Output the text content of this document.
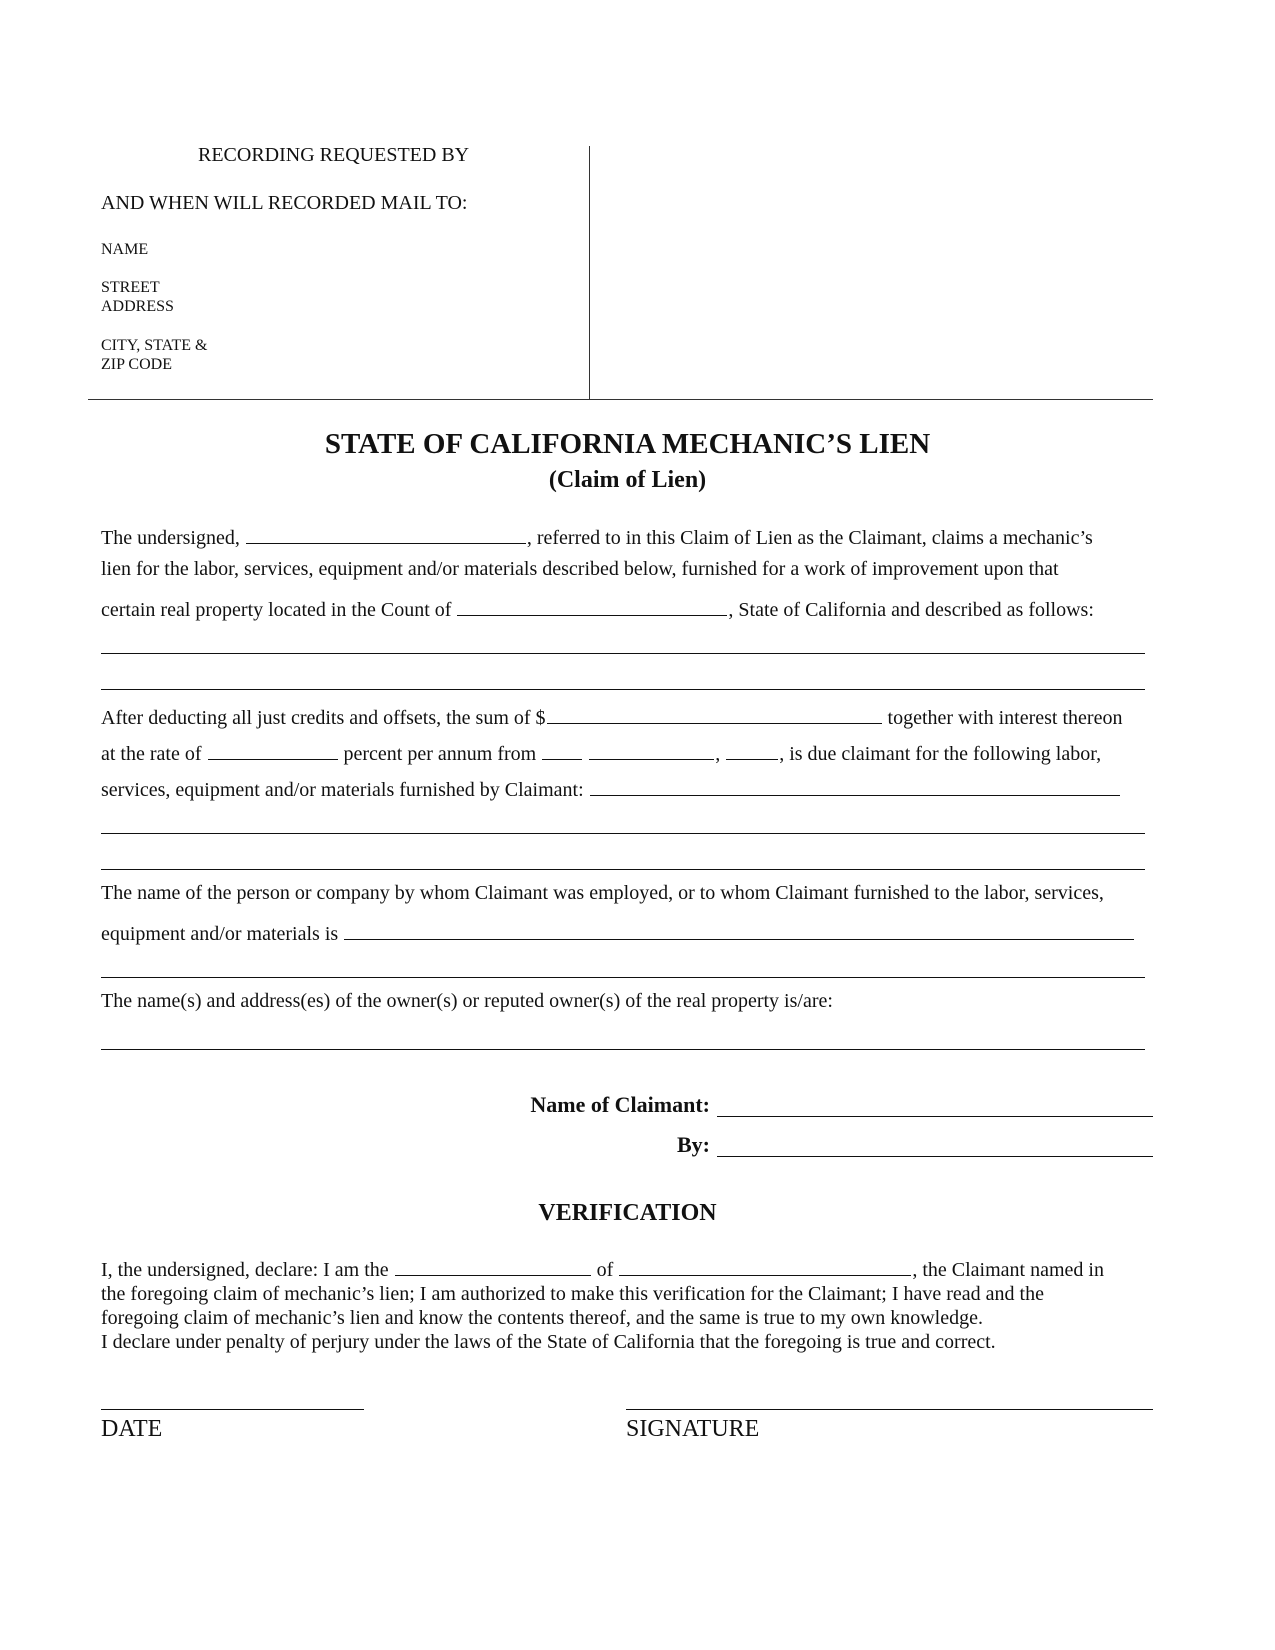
RECORDING REQUESTED BY
AND WHEN WILL RECORDED MAIL TO:
NAME
STREET
ADDRESS
CITY, STATE &
ZIP CODE
STATE OF CALIFORNIA MECHANIC’S LIEN
(Claim of Lien)
The undersigned,	, referred to in this Claim of Lien as the Claimant, claims a mechanic’s
lien for the labor, services, equipment and/or materials described below, furnished for a work of improvement upon that
certain real property located in the Count of	, State of California and described as follows:
After deducting all just credits and offsets, the sum of $	together with interest thereon
at the rate of	percent per annum from	,	, is due claimant for the following labor,
services, equipment and/or materials furnished by Claimant:
The name of the person or company by whom Claimant was employed, or to whom Claimant furnished to the labor, services,
equipment and/or materials is
The name(s) and address(es) of the owner(s) or reputed owner(s) of the real property is/are:
Name of Claimant:
By:
VERIFICATION
I, the undersigned, declare: I am the	of	, the Claimant named in
the foregoing claim of mechanic’s lien; I am authorized to make this verification for the Claimant; I have read and the
foregoing claim of mechanic’s lien and know the contents thereof, and the same is true to my own knowledge.
I declare under penalty of perjury under the laws of the State of California that the foregoing is true and correct.
DATE	SIGNATURE
